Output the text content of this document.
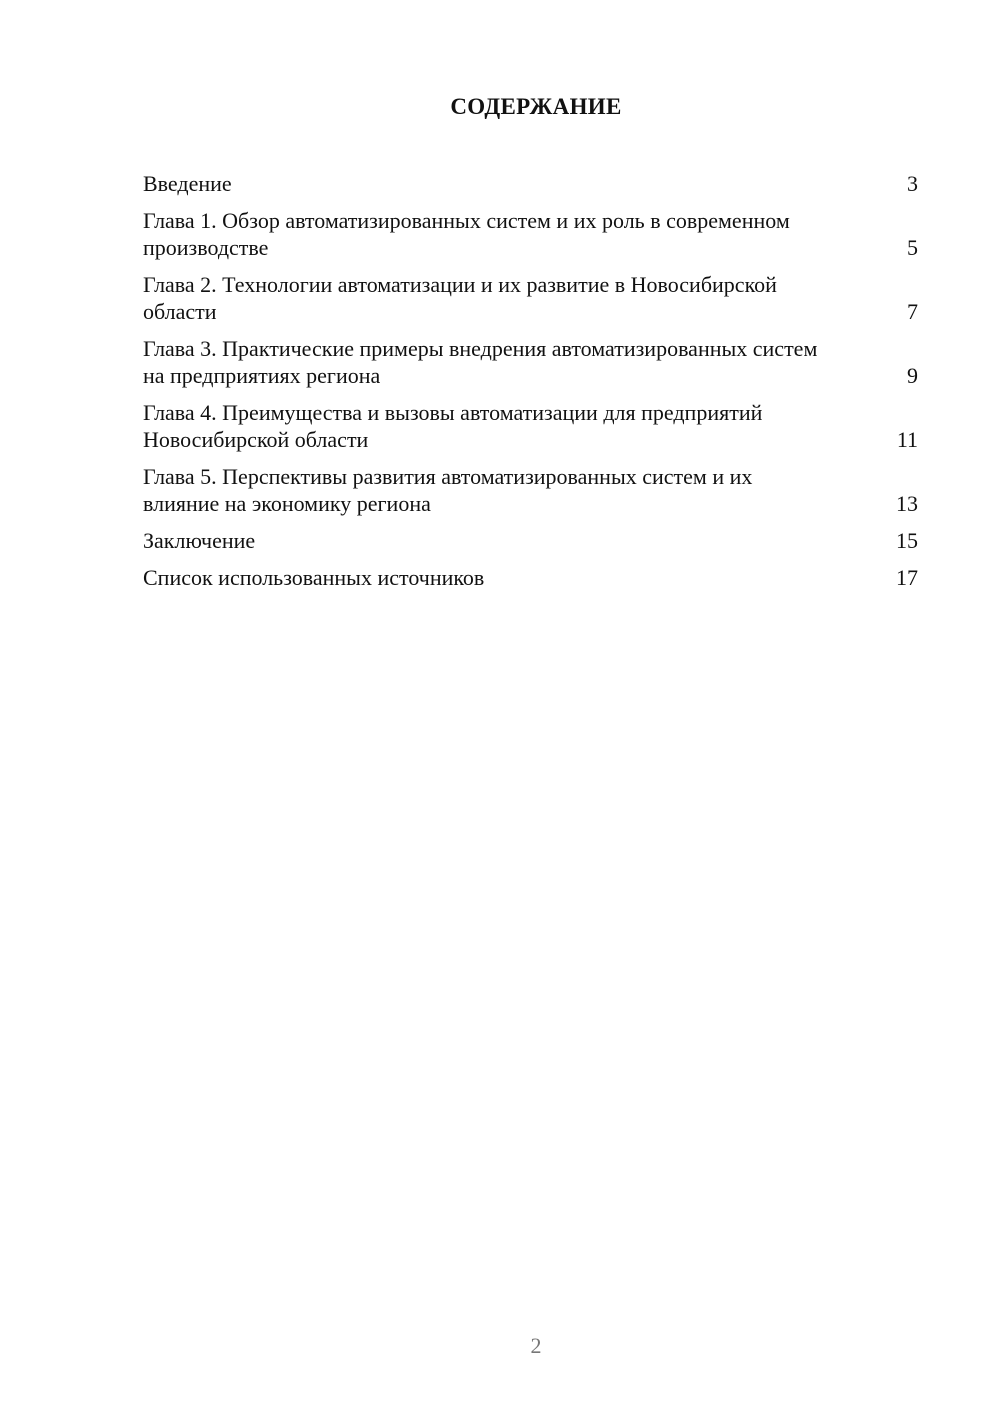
СОДЕРЖАНИЕ
Введение	3
Глава 1. Обзор автоматизированных систем и их роль в современном производстве	5
Глава 2. Технологии автоматизации и их развитие в Новосибирской области	7
Глава 3. Практические примеры внедрения автоматизированных систем на предприятиях региона	9
Глава 4. Преимущества и вызовы автоматизации для предприятий Новосибирской области	11
Глава 5. Перспективы развития автоматизированных систем и их влияние на экономику региона	13
Заключение	15
Список использованных источников	17
2
